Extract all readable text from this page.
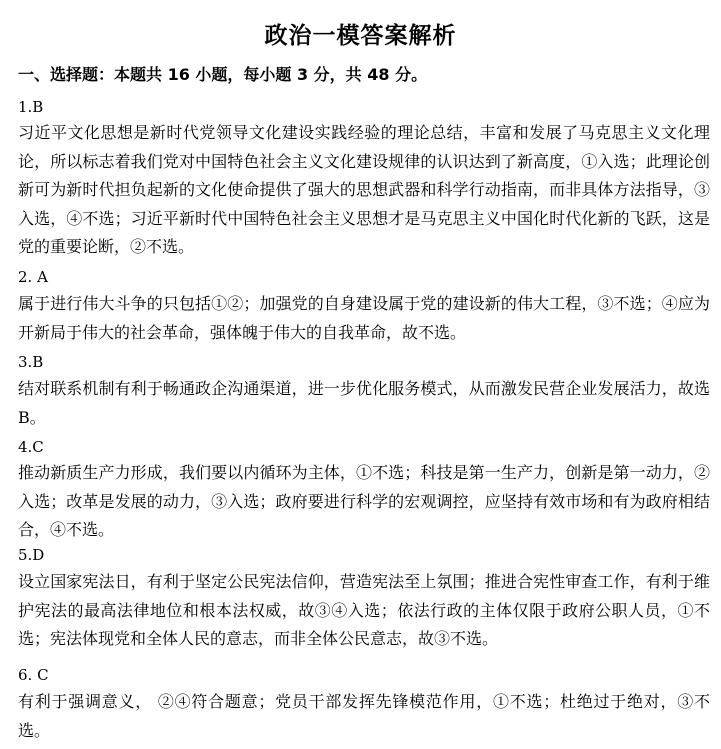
政治一模答案解析
一、选择题：本题共 16 小题，每小题 3 分，共 48 分。
1.B
习近平文化思想是新时代党领导文化建设实践经验的理论总结，丰富和发展了马克思主义文化理论，所以标志着我们党对中国特色社会主义文化建设规律的认识达到了新高度，①入选；此理论创新可为新时代担负起新的文化使命提供了强大的思想武器和科学行动指南，而非具体方法指导，③入选，④不选；习近平新时代中国特色社会主义思想才是马克思主义中国化时代化新的飞跃，这是党的重要论断，②不选。
2. A
属于进行伟大斗争的只包括①②；加强党的自身建设属于党的建设新的伟大工程，③不选；④应为开新局于伟大的社会革命，强体魄于伟大的自我革命，故不选。
3.B
结对联系机制有利于畅通政企沟通渠道，进一步优化服务模式，从而激发民营企业发展活力，故选 B。
4.C
推动新质生产力形成，我们要以内循环为主体，①不选；科技是第一生产力，创新是第一动力，②入选；改革是发展的动力，③入选；政府要进行科学的宏观调控，应坚持有效市场和有为政府相结合，④不选。
5.D
设立国家宪法日，有利于坚定公民宪法信仰，营造宪法至上氛围；推进合宪性审查工作，有利于维护宪法的最高法律地位和根本法权威，故③④入选；依法行政的主体仅限于政府公职人员，①不选；宪法体现党和全体人民的意志，而非全体公民意志，故③不选。
6. C
有利于强调意义， ②④符合题意；党员干部发挥先锋模范作用，①不选；杜绝过于绝对，③不选。
